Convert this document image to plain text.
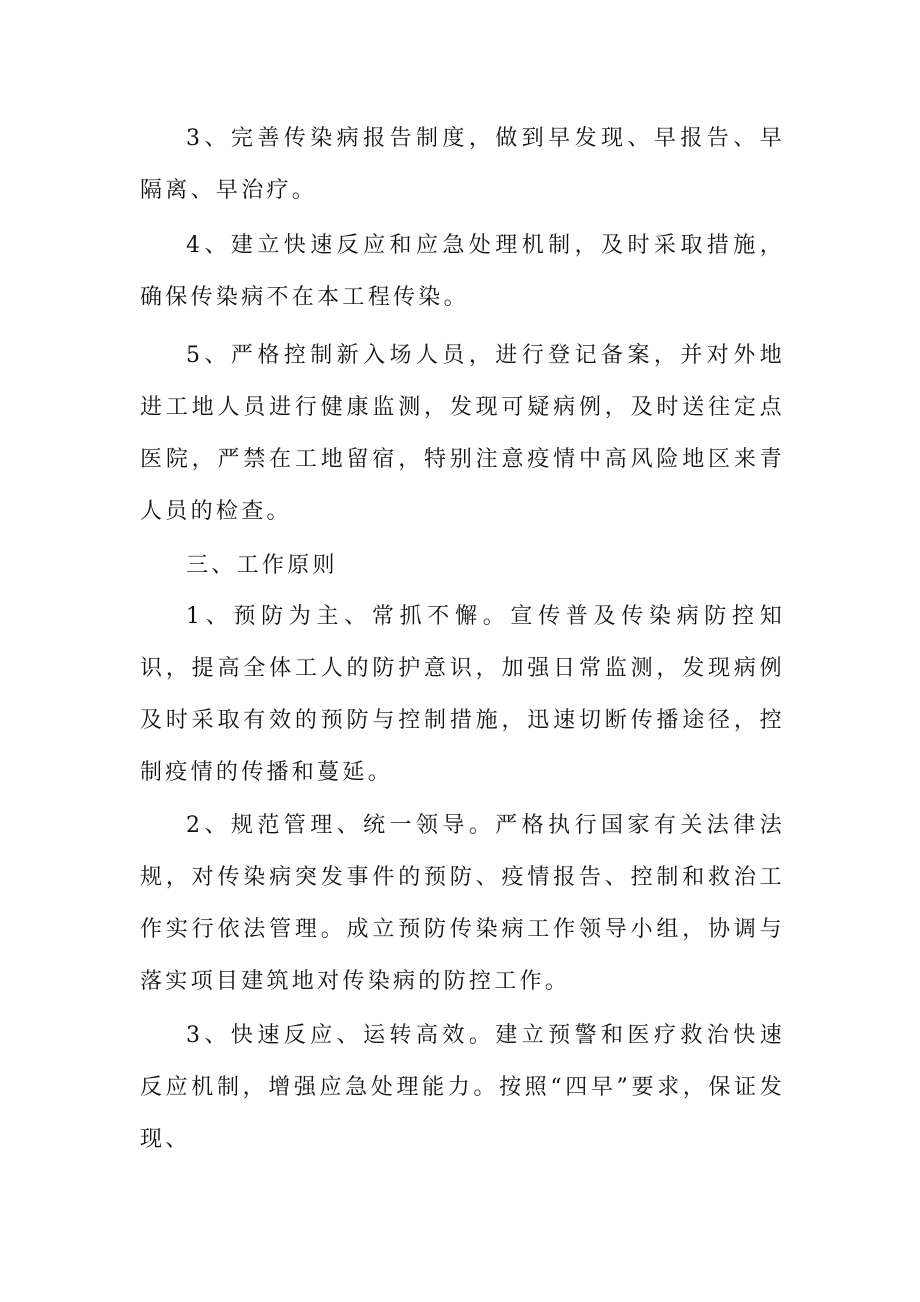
3、完善传染病报告制度，做到早发现、早报告、早隔离、早治疗。

4、建立快速反应和应急处理机制，及时采取措施，确保传染病不在本工程传染。

5、严格控制新入场人员，进行登记备案，并对外地进工地人员进行健康监测，发现可疑病例，及时送往定点医院，严禁在工地留宿，特别注意疫情中高风险地区来青人员的检查。

三、工作原则

1、预防为主、常抓不懈。宣传普及传染病防控知识，提高全体工人的防护意识，加强日常监测，发现病例及时采取有效的预防与控制措施，迅速切断传播途径，控制疫情的传播和蔓延。

2、规范管理、统一领导。严格执行国家有关法律法规，对传染病突发事件的预防、疫情报告、控制和救治工作实行依法管理。成立预防传染病工作领导小组，协调与落实项目建筑地对传染病的防控工作。

3、快速反应、运转高效。建立预警和医疗救治快速反应机制，增强应急处理能力。按照“四早”要求，保证发现、
